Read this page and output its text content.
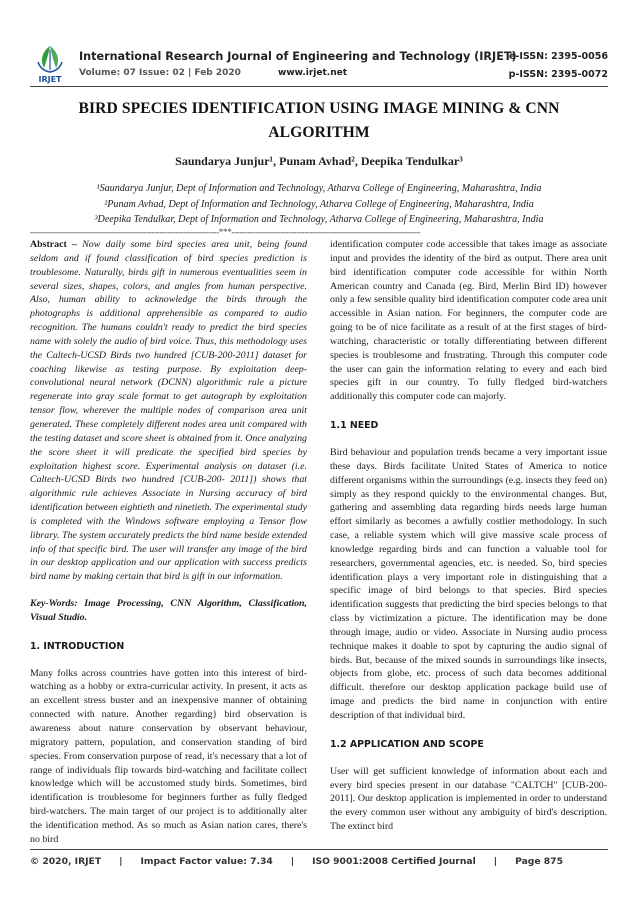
IRJET
International Research Journal of Engineering and Technology (IRJET)
Volume: 07 Issue: 02 | Feb 2020	www.irjet.net
e-ISSN: 2395-0056
p-ISSN: 2395-0072
BIRD SPECIES IDENTIFICATION USING IMAGE MINING & CNN ALGORITHM
Saundarya Junjur¹, Punam Avhad², Deepika Tendulkar³
¹Saundarya Junjur, Dept of Information and Technology, Atharva College of Engineering, Maharashtra, India
²Punam Avhad, Dept of Information and Technology, Atharva College of Engineering, Maharashtra, India
³Deepika Tendulkar, Dept of Information and Technology, Atharva College of Engineering, Maharashtra, India
----------------------------------------------------------------------***----------------------------------------------------------------------

Abstract – Now daily some bird species area unit, being found seldom and if found classification of bird species prediction is troublesome. Naturally, birds gift in numerous eventualities seem in several sizes, shapes, colors, and angles from human perspective. Also, human ability to acknowledge the birds through the photographs is additional apprehensible as compared to audio recognition. The humans couldn't ready to predict the bird species name with solely the audio of bird voice. Thus, this methodology uses the Caltech-UCSD Birds two hundred [CUB-200-2011] dataset for coaching likewise as testing purpose. By exploitation deep- convolutional neural network (DCNN) algorithmic rule a picture regenerate into gray scale format to get autograph by exploitation tensor flow, wherever the multiple nodes of comparison area unit generated. These completely different nodes area unit compared with the testing dataset and score sheet is obtained from it. Once analyzing the score sheet it will predicate the specified bird species by exploitation highest score. Experimental analysis on dataset (i.e. Caltech-UCSD Birds two hundred [CUB-200- 2011]) shows that algorithmic rule achieves Associate in Nursing accuracy of bird identification between eightieth and ninetieth. The experimental study is completed with the Windows software employing a Tensor flow library. The system accurately predicts the bird name beside extended info of that specific bird. The user will transfer any image of the bird in our desktop application and our application with success predicts bird name by making certain that bird is gift in our information.

Key-Words: Image Processing, CNN Algorithm, Classification, Visual Studio.

1. INTRODUCTION

Many folks across countries have gotten into this interest of bird-watching as a hobby or extra-curricular activity. In present, it acts as an excellent stress buster and an inexpensive manner of obtaining connected with nature. Another regarding} bird observation is awareness about nature conservation by observant behaviour, migratory pattern, population, and conservation standing of bird species. From conservation purpose of read, it's necessary that a lot of range of individuals flip towards bird-watching and facilitate collect knowledge which will be accustomed study birds. Sometimes, bird identification is troublesome for beginners further as fully fledged bird-watchers. The main target of our project is to additionally alter the identification method. As so much as Asian nation cares, there's no bird

identification computer code accessible that takes image as associate input and provides the identity of the bird as output. There area unit bird identification computer code accessible for within North American country and Canada (eg. Bird, Merlin Bird ID) however only a few sensible quality bird identification computer code area unit accessible in Asian nation. For beginners, the computer code are going to be of nice facilitate as a result of at the first stages of bird-watching, characteristic or totally differentiating between different species is troublesome and frustrating. Through this computer code the user can gain the information relating to every and each bird species gift in our country. To fully fledged bird-watchers additionally this computer code can majorly.

1.1 NEED

Bird behaviour and population trends became a very important issue these days. Birds facilitate United States of America to notice different organisms within the surroundings (e.g. insects they feed on) simply as they respond quickly to the environmental changes. But, gathering and assembling data regarding birds needs large human effort similarly as becomes a awfully costlier methodology. In such case, a reliable system which will give massive scale process of knowledge regarding birds and can function a valuable tool for researchers, governmental agencies, etc. is needed. So, bird species identification plays a very important role in distinguishing that a specific image of bird belongs to that species. Bird species identification suggests that predicting the bird species belongs to that class by victimization a picture. The identification may be done through image, audio or video. Associate in Nursing audio process technique makes it doable to spot by capturing the audio signal of birds. But, because of the mixed sounds in surroundings like insects, objects from globe, etc. process of such data becomes additional difficult. therefore our desktop application package build use of image and predicts the bird name in conjunction with entire description of that individual bird.

1.2 APPLICATION AND SCOPE

User will get sufficient knowledge of information about each and every bird species present in our database "CALTCH" [CUB-200-2011]. Our desktop application is implemented in order to understand the every common user without any ambiguity of bird's description. The extinct bird

© 2020, IRJET | Impact Factor value: 7.34 | ISO 9001:2008 Certified Journal | Page 875
